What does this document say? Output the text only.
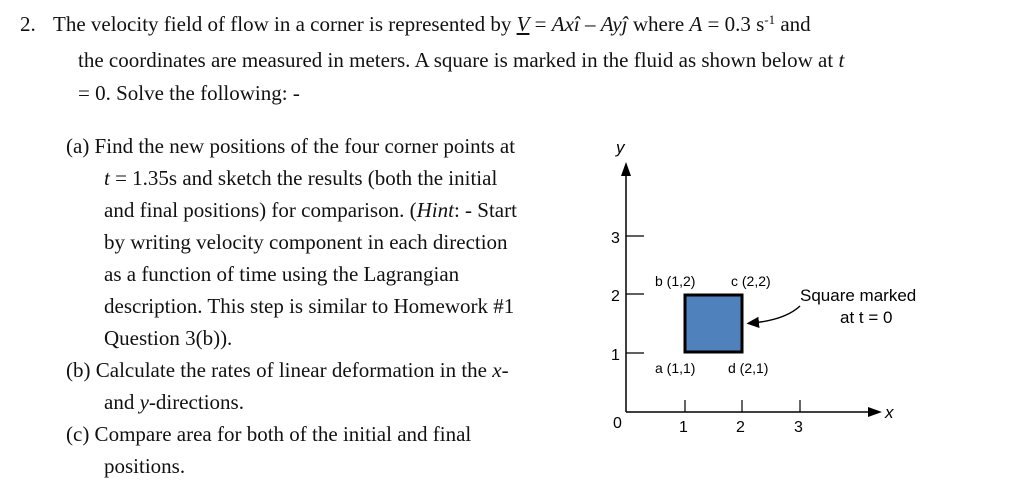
2. The velocity field of flow in a corner is represented by V = Axî – Ayĵ where A = 0.3 $s^{-1}$ and
the coordinates are measured in meters. A square is marked in the fluid as shown below at t
= 0. Solve the following: -
(a) Find the new positions of the four corner points at
t = 1.35s and sketch the results (both the initial
and final positions) for comparison. (Hint: - Start
by writing velocity component in each direction
as a function of time using the Lagrangian
description. This step is similar to Homework #1
Question 3(b)).
(b) Calculate the rates of linear deformation in the x-
and y-directions.
(c) Compare area for both of the initial and final
positions.
y
x
0
3
2
1
1	2	3
b (1,2)	c (2,2)
a (1,1) d (2,1)
Square marked
at t = 0
